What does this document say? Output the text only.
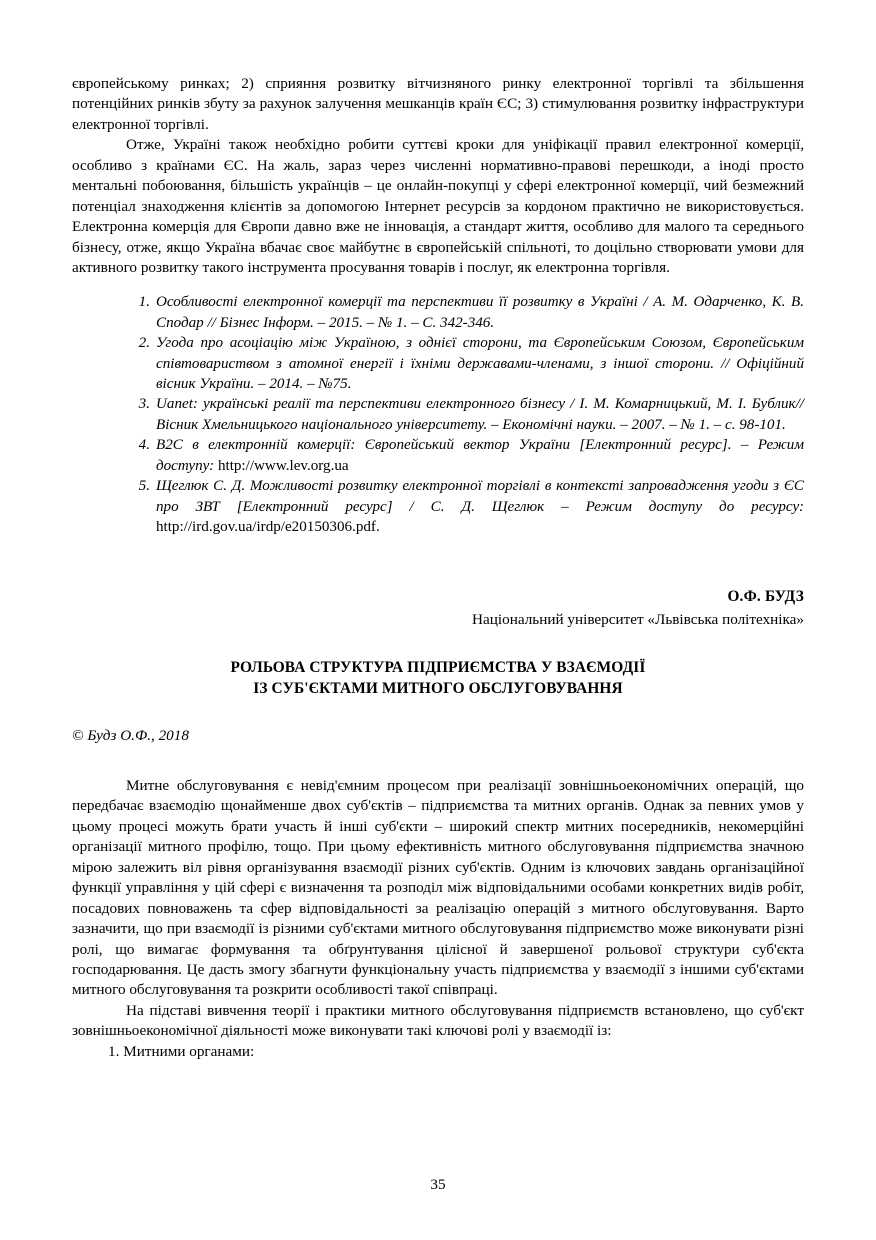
європейському ринках; 2) сприяння розвитку вітчизняного ринку електронної торгівлі та збільшення потенційних ринків збуту за рахунок залучення мешканців країн ЄС; 3) стимулювання розвитку інфраструктури електронної торгівлі.

Отже, Україні також необхідно робити суттєві кроки для уніфікації правил електронної комерції, особливо з країнами ЄС. На жаль, зараз через численні нормативно-правові перешкоди, а іноді просто ментальні побоювання, більшість українців – це онлайн-покупці у сфері електронної комерції, чий безмежний потенціал знаходження клієнтів за допомогою Інтернет ресурсів за кордоном практично не використовується. Електронна комерція для Європи давно вже не інновація, а стандарт життя, особливо для малого та середнього бізнесу, отже, якщо Україна вбачає своє майбутнє в європейській спільноті, то доцільно створювати умови для активного розвитку такого інструмента просування товарів і послуг, як електронна торгівля.

1. Особливості електронної комерції та перспективи її розвитку в Україні / А. М. Одарченко, К. В. Сподар // Бізнес Інформ. – 2015. – № 1. – С. 342-346.
2. Угода про асоціацію між Україною, з однієї сторони, та Європейським Союзом, Європейським співтовариством з атомної енергії і їхніми державами-членами, з іншої сторони. // Офіційний вісник України. – 2014. – №75.
3. Uanet: українські реалії та перспективи електронного бізнесу / І. М. Комарницький, М. І. Бублик// Вісник Хмельницького національного університету. – Економічні науки. – 2007. – № 1. – с. 98-101.
4. B2C в електронній комерції: Європейський вектор України [Електронний ресурс]. – Режим доступу: http://www.lev.org.ua
5. Щеглюк С. Д. Можливості розвитку електронної торгівлі в контексті запровадження угоди з ЄС про ЗВТ [Електронний ресурс] / С. Д. Щеглюк – Режим доступу до ресурсу: http://ird.gov.ua/irdp/e20150306.pdf.
О.Ф. БУДЗ
Національний університет «Львівська політехніка»
РОЛЬОВА СТРУКТУРА ПІДПРИЄМСТВА У ВЗАЄМОДІЇ
ІЗ СУБ'ЄКТАМИ МИТНОГО ОБСЛУГОВУВАННЯ
© Будз О.Ф., 2018

Митне обслуговування є невід'ємним процесом при реалізації зовнішньоекономічних операцій, що передбачає взаємодію щонайменше двох суб'єктів – підприємства та митних органів. Однак за певних умов у цьому процесі можуть брати участь й інші суб'єкти – широкий спектр митних посередників, некомерційні організації митного профілю, тощо. При цьому ефективність митного обслуговування підприємства значною мірою залежить віл рівня організування взаємодії різних суб'єктів. Одним із ключових завдань організаційної функції управління у цій сфері є визначення та розподіл між відповідальними особами конкретних видів робіт, посадових повноважень та сфер відповідальності за реалізацію операцій з митного обслуговування. Варто зазначити, що при взаємодії із різними суб'єктами митного обслуговування підприємство може виконувати різні ролі, що вимагає формування та обґрунтування цілісної й завершеної рольової структури суб'єкта господарювання. Це дасть змогу збагнути функціональну участь підприємства у взаємодії з іншими суб'єктами митного обслуговування та розкрити особливості такої співпраці.

На підставі вивчення теорії і практики митного обслуговування підприємств встановлено, що суб'єкт зовнішньоекономічної діяльності може виконувати такі ключові ролі у взаємодії із:

1. Митними органами:

35
